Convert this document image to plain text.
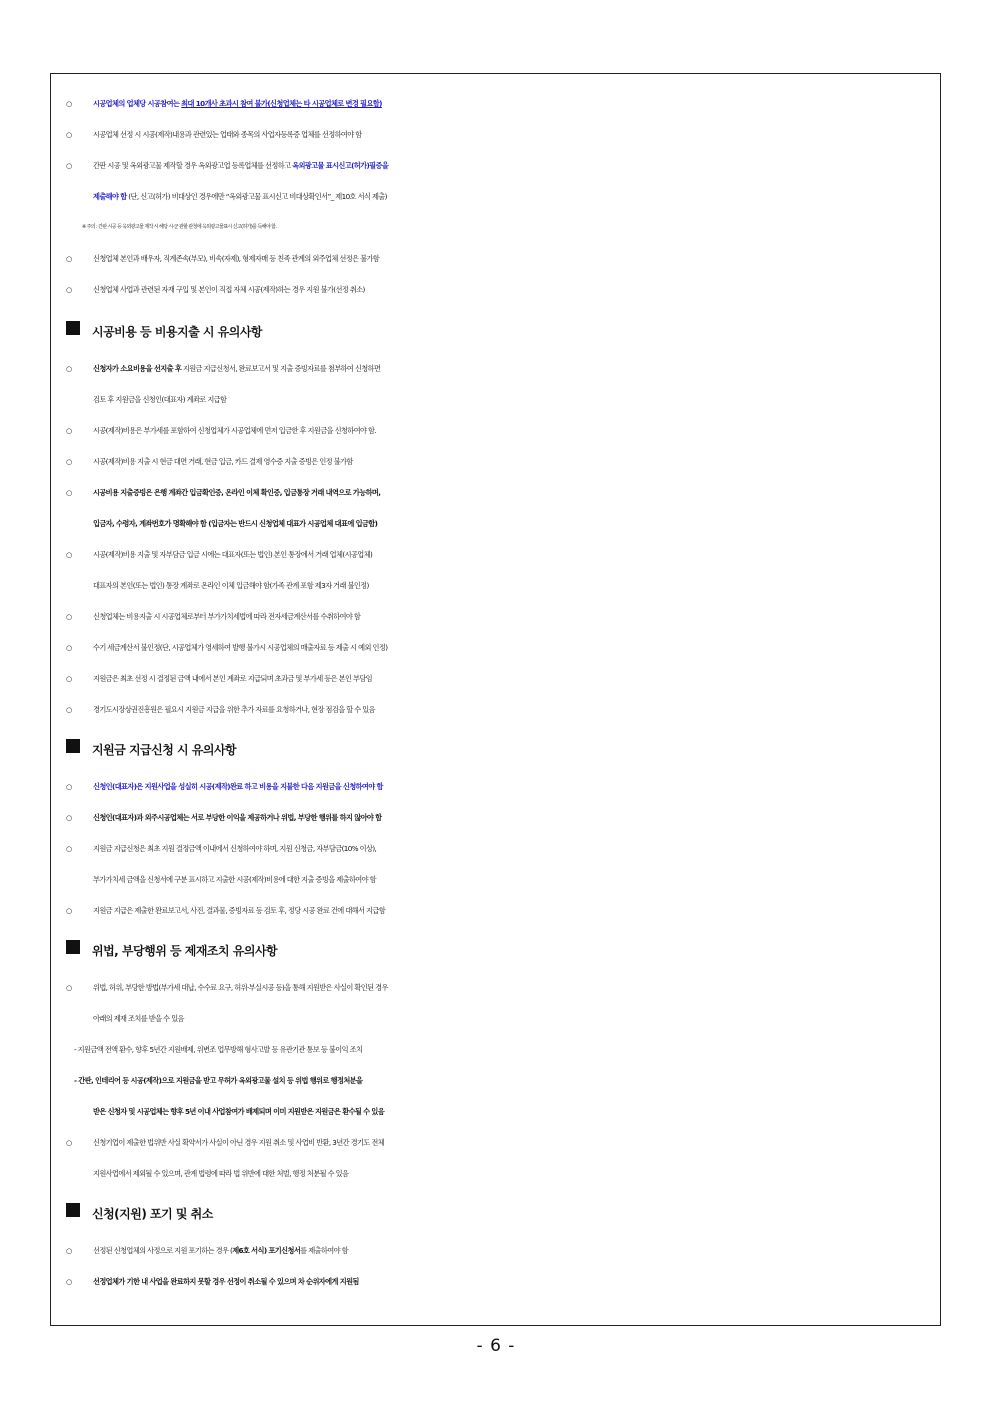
○	시공업체의 업체당 시공참여는 최대 10개사 초과시 참여 불가(신청업체는 타 시공업체로 변경 필요함)
○	시공업체 선정 시 시공(제작)내용과 관련있는 업태와 종목의 사업자등록증 업체를 선정하여야 함
○	간판 시공 및 옥외광고물 제작할 경우 옥외광고업 등록업체를 선정하고 옥외광고물 표시신고(허가)필증을
제출해야 함 (단, 신고(허가) 비대상인 경우에만 “옥외광고물 표시신고 비대상확인서”_ 제10호 서식 제출)
※ 주의 : 간판 시공 등 옥외광고물 제작 시 해당 시·군 관할 관청에 옥외광고물표시 신고(허가)를 득해야 함.
○	신청업체 본인과 배우자, 직계존속(부모), 비속(자제), 형제자매 등 친족 관계의 외주업체 선정은 불가함
○	신청업체 사업과 관련된 자재 구입 및 본인이 직접 자체 시공(제작)하는 경우 지원 불가(선정 취소)
시공비용 등 비용지출 시 유의사항
○	신청자가 소요비용을 선지출 후 지원금 지급신청서, 완료보고서 및 지출 증빙자료를 첨부하여 신청하면
검토 후 지원금을 신청인(대표자) 계좌로 지급함
○	시공(제작)비용은 부가세를 포함하여 신청업체가 시공업체에 먼저 입금한 후 지원금을 신청하여야 함.
○	시공(제작)비용 지출 시 현금 대면 거래, 현금 입금, 카드 결제 영수증 지출 증빙은 인정 불가함
○	시공비용 지출증빙은 은행 계좌간 입금확인증, 온라인 이체 확인증, 입금통장 거래 내역으로 가능하며,
입금자, 수령자, 계좌번호가 명확해야 함 (입금자는 반드시 신청업체 대표가 시공업체 대표에 입금함)
○	시공(제작)비용 지출 및 자부담금 입금 시에는 대표자(또는 법인) 본인 통장에서 거래 업체(시공업체)
대표자의 본인(또는 법인) 통장 계좌로 온라인 이체 입금해야 함(가족 관계 포함 제3자 거래 불인정)
○	신청업체는 비용지출 시 시공업체로부터 부가가치세법에 따라 전자세금계산서를 수취하여야 함
○	수기 세금계산서 불인정(단, 시공업체가 영세하여 발행 불가시 시공업체의 매출자료 등 제출 시 예외 인정)
○	지원금은 최초 선정 시 결정된 금액 내에서 본인 계좌로 지급되며 초과금 및 부가세 등은 본인 부담임
○	경기도시장상권진흥원은 필요시 지원금 지급을 위한 추가 자료를 요청하거나, 현장 점검을 할 수 있음
지원금 지급신청 시 유의사항
○	신청인(대표자)은 지원사업을 성실히 시공(제작)완료 하고 비용을 지불한 다음 지원금을 신청하여야 함
○	신청인(대표자)과 외주시공업체는 서로 부당한 이익을 제공하거나 위법, 부당한 행위를 하지 않아야 함
○	지원금 지급신청은 최초 지원 결정금액 이내에서 신청하여야 하며, 지원 신청금, 자부담금(10% 이상),
부가가치세 금액을 신청서에 구분 표시하고 지출한 시공(제작)비용에 대한 지출 증빙을 제출하여야 함
○	지원금 지급은 제출한 완료보고서, 사진, 결과물, 증빙자료 등 검토 후, 정당 시공 완료 건에 대해서 지급함
위법, 부당행위 등 제재조치 유의사항
○	위법, 허위, 부당한 방법(부가세 대납, 수수료 요구, 허위·부실시공 등)을 통해 지원받은 사실이 확인된 경우
아래의 제재 조치를 받을 수 있음
- 지원금액 전액 환수, 향후 5년간 지원배제, 위변조 업무방해 형사고발 등 유관기관 통보 등 불이익 조치
- 간판, 인테리어 등 시공(제작)으로 지원금을 받고 무허가 옥외광고물 설치 등 위법 행위로 행정처분을
받은 신청자 및 시공업체는 향후 5년 이내 사업참여가 배제되며 이미 지원받은 지원금은 환수될 수 있음
○	신청기업이 제출한 법위반 사실 확약서가 사실이 아닌 경우 지원 취소 및 사업비 반환, 3년간 경기도 전체
지원사업에서 제외될 수 있으며, 관계 법령에 따라 법 위반에 대한 처벌, 행정 처분될 수 있음
신청(지원) 포기 및 취소
○	선정된 신청업체의 사정으로 지원 포기하는 경우 (제6호 서식) 포기신청서를 제출하여야 함
○	선정업체가 기한 내 사업을 완료하지 못할 경우 선정이 취소될 수 있으며 차 순위자에게 지원됨
- 6 -
